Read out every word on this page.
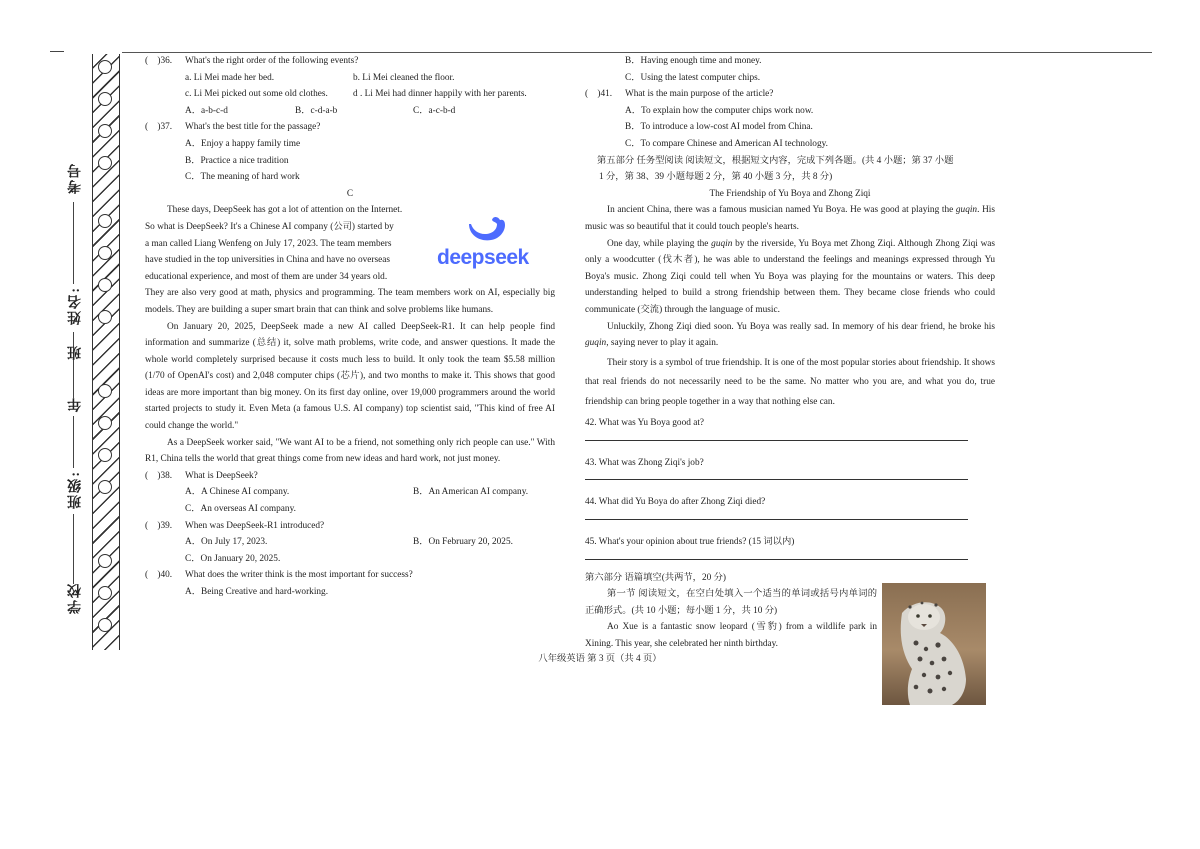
考号
姓名:
班
年
班级:
学校
( )36. What's the right order of the following events?
a. Li Mei made her bed.	b. Li Mei cleaned the floor.
c. Li Mei picked out some old clothes.	d . Li Mei had dinner happily with her parents.
A．a-b-c-d	B．c-d-a-b	C．a-c-b-d
( )37. What's the best title for the passage?
A．Enjoy a happy family time
B．Practice a nice tradition
C．The meaning of hard work
C
These days, DeepSeek has got a lot of attention on the Internet.
So what is DeepSeek? It's a Chinese AI company (公司) started by
a man called Liang Wenfeng on July 17, 2023. The team members
have studied in the top universities in China and have no overseas
educational experience, and most of them are under 34 years old.
They are also very good at math, physics and programming. The team members work on AI, especially big models. They are building a super smart brain that can think and solve problems like humans.
On January 20, 2025, DeepSeek made a new AI called DeepSeek-R1. It can help people find information and summarize (总结) it, solve math problems, write code, and answer questions. It made the whole world completely surprised because it costs much less to build. It only took the team $5.58 million (1/70 of OpenAI's cost) and 2,048 computer chips (芯片), and two months to make it. This shows that good ideas are more important than big money. On its first day online, over 19,000 programmers around the world started projects to study it. Even Meta (a famous U.S. AI company) top scientist said, "This kind of free AI could change the world."
As a DeepSeek worker said, "We want AI to be a friend, not something only rich people can use." With R1, China tells the world that great things come from new ideas and hard work, not just money.
( )38. What is DeepSeek?
A．A Chinese AI company.	B．An American AI company.
C．An overseas AI company.
( )39. When was DeepSeek-R1 introduced?
A．On July 17, 2023.	B．On February 20, 2025.
C．On January 20, 2025.
( )40. What does the writer think is the most important for success?
A．Being Creative and hard-working.
deepseek
B．Having enough time and money.
C．Using the latest computer chips.
( )41. What is the main purpose of the article?
A．To explain how the computer chips work now.
B．To introduce a low-cost AI model from China.
C．To compare Chinese and American AI technology.
第五部分 任务型阅读 阅读短文，根据短文内容，完成下列各题。(共 4 小题；第 37 小题
1 分，第 38、39 小题每题 2 分，第 40 小题 3 分，共 8 分)
The Friendship of Yu Boya and Zhong Ziqi
In ancient China, there was a famous musician named Yu Boya. He was good at playing the guqin. His music was so beautiful that it could touch people's hearts.
One day, while playing the guqin by the riverside, Yu Boya met Zhong Ziqi. Although Zhong Ziqi was only a woodcutter (伐木者), he was able to understand the feelings and meanings expressed through Yu Boya's music. Zhong Ziqi could tell when Yu Boya was playing for the mountains or waters. This deep understanding helped to build a strong friendship between them. They became close friends who could communicate (交流) through the language of music.
Unluckily, Zhong Ziqi died soon. Yu Boya was really sad. In memory of his dear friend, he broke his guqin, saying never to play it again.
Their story is a symbol of true friendship. It is one of the most popular stories about friendship. It shows that real friends do not necessarily need to be the same. No matter who you are, and what you do, true friendship can bring people together in a way that nothing else can.
42. What was Yu Boya good at?
43. What was Zhong Ziqi's job?
44. What did Yu Boya do after Zhong Ziqi died?
45. What's your opinion about true friends? (15 词以内)
第六部分 语篇填空(共两节，20 分)
第一节 阅读短文，在空白处填入一个适当的单词或括号内单词的正确形式。(共 10 小题；每小题 1 分，共 10 分)
Ao Xue is a fantastic snow leopard (雪豹) from a wildlife park in Xining. This year, she celebrated her ninth birthday.
八年级英语 第 3 页（共 4 页）
